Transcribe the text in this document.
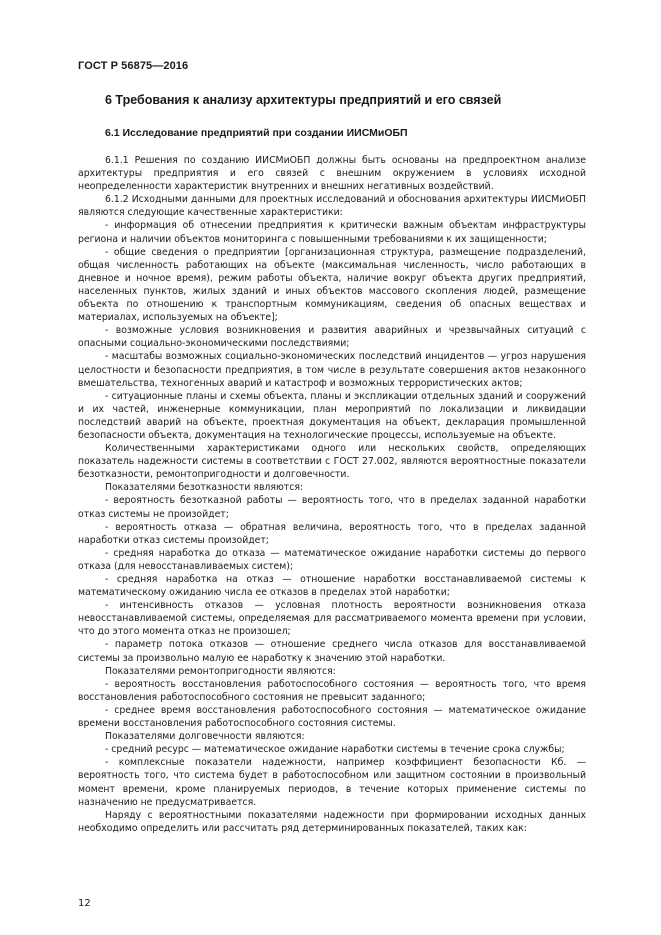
ГОСТ Р 56875—2016
6 Требования к анализу архитектуры предприятий и его связей
6.1 Исследование предприятий при создании ИИСМиОБП

6.1.1 Решения по созданию ИИСМиОБП должны быть основаны на предпроектном анализе архитектуры предприятия и его связей с внешним окружением в условиях исходной неопределенности характеристик внутренних и внешних негативных воздействий.

6.1.2 Исходными данными для проектных исследований и обоснования архитектуры ИИСМиОБП являются следующие качественные характеристики:

- информация об отнесении предприятия к критически важным объектам инфраструктуры региона и наличии объектов мониторинга с повышенными требованиями к их защищенности;

- общие сведения о предприятии [организационная структура, размещение подразделений, общая численность работающих на объекте (максимальная численность, число работающих в дневное и ночное время), режим работы объекта, наличие вокруг объекта других предприятий, населенных пунктов, жилых зданий и иных объектов массового скопления людей, размещение объекта по отношению к транспортным коммуникациям, сведения об опасных веществах и материалах, используемых на объекте];

- возможные условия возникновения и развития аварийных и чрезвычайных ситуаций с опасными социально-экономическими последствиями;

- масштабы возможных социально-экономических последствий инцидентов — угроз нарушения целостности и безопасности предприятия, в том числе в результате совершения актов незаконного вмешательства, техногенных аварий и катастроф и возможных террористических актов;

- ситуационные планы и схемы объекта, планы и экспликации отдельных зданий и сооружений и их частей, инженерные коммуникации, план мероприятий по локализации и ликвидации последствий аварий на объекте, проектная документация на объект, декларация промышленной безопасности объекта, документация на технологические процессы, используемые на объекте.

Количественными характеристиками одного или нескольких свойств, определяющих показатель надежности системы в соответствии с ГОСТ 27.002, являются вероятностные показатели безотказности, ремонтопригодности и долговечности.

Показателями безотказности являются:

- вероятность безотказной работы — вероятность того, что в пределах заданной наработки отказ системы не произойдет;

- вероятность отказа — обратная величина, вероятность того, что в пределах заданной наработки отказ системы произойдет;

- средняя наработка до отказа — математическое ожидание наработки системы до первого отказа (для невосстанавливаемых систем);

- средняя наработка на отказ — отношение наработки восстанавливаемой системы к математическому ожиданию числа ее отказов в пределах этой наработки;

- интенсивность отказов — условная плотность вероятности возникновения отказа невосстанавливаемой системы, определяемая для рассматриваемого момента времени при условии, что до этого момента отказ не произошел;

- параметр потока отказов — отношение среднего числа отказов для восстанавливаемой системы за произвольно малую ее наработку к значению этой наработки.

Показателями ремонтопригодности являются:

- вероятность восстановления работоспособного состояния — вероятность того, что время восстановления работоспособного состояния не превысит заданного;

- среднее время восстановления работоспособного состояния — математическое ожидание времени восстановления работоспособного состояния системы.

Показателями долговечности являются:

- средний ресурс — математическое ожидание наработки системы в течение срока службы;

- комплексные показатели надежности, например коэффициент безопасности Кб. — вероятность того, что система будет в работоспособном или защитном состоянии в произвольный момент времени, кроме планируемых периодов, в течение которых применение системы по назначению не предусматривается.

Наряду с вероятностными показателями надежности при формировании исходных данных необходимо определить или рассчитать ряд детерминированных показателей, таких как:

12
